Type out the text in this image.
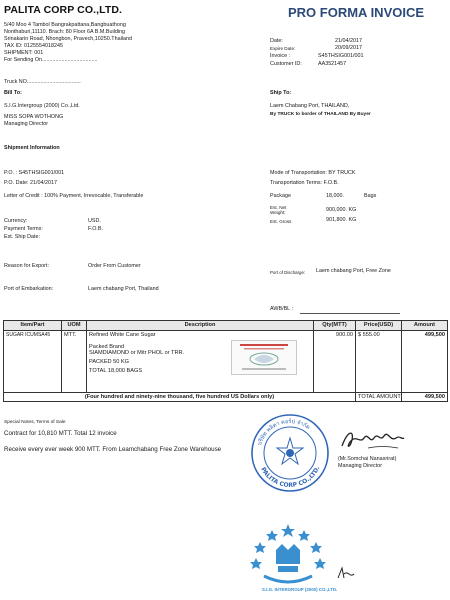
PALITA CORP CO.,LTD.	PRO FORMA INVOICE
5/40 Moo 4 Tambol Bangrakpattana,Bangbuathong
Nonthaburi,11110. Brach: 80 Floor 6A B.M.Building
Srinakarin Road, Nhongbon, Pravech,10250.Thailand
TAX ID: 0125554018245
SHIPMENT: 001
For Sending On.....................................
Date:	21/04/2017
Expire Date:	20/09/2017
Invoice :	S45THSIG001/001
Customer ID:	AA3521457
Truck NO....................................
Bill To:
S.I.G.Intergroup (2000) Co.,Ltd.
MISS SOPA WOTHONG
Managing Director
Ship To:
Laem Chabang Port, THAILAND,
By TRUCK to border of THAILAND By Buyer
Shipment Information
P.O. : S45THSIG001/001
P.O. Date: 21/04/2017
Letter of Credit : 100% Payment, Irrevocable, Transferable
Currency:	USD.
Payment Terms:	F.O.B.
Est. Ship Date:
Mode of Transportation: BY TRUCK
Transportation Terms: F.O.B.
Package	18,000.	Bags
Est. Net Weight:	900,000. KG
Est. Gross	901,800. KG
Reason for Export:	Order From Customer
Port of Discharge: Laem chabang Port, Free Zone
Port of Embarkation:	Laem chabang Port, Thailand
AWB/BL :
Item/Part	UOM	Description	Qty(MTT)	Price(USD)	Amount
SUGAR ICUMSA45	MTT.	Refined White Cane Sugar
Packed Brand
SIAMDIAMOND or Mitr PHOL or TRR.
PACKED 50 KG
TOTAL 18,000 BAGS	900.00	$ 555.00	499,500
(Four hundred and ninety-nine thousand, five hundred US Dollars only)				TOTAL AMOUNT	499,500
Special Notes, Terms of Sale
Contract for 10,810 MTT. Total 12 invoice
Receive every ever week 900 MTT. From Leamchabang Free Zone Warehouse
(Mr.Somchai Nanasrirat)
Managing Director
บริษัท พลิตา คอร์ป จำกัด
PALITA CORP CO.,LTD.
S.I.G. INTERGROUP (2000) CO.,LTD.
